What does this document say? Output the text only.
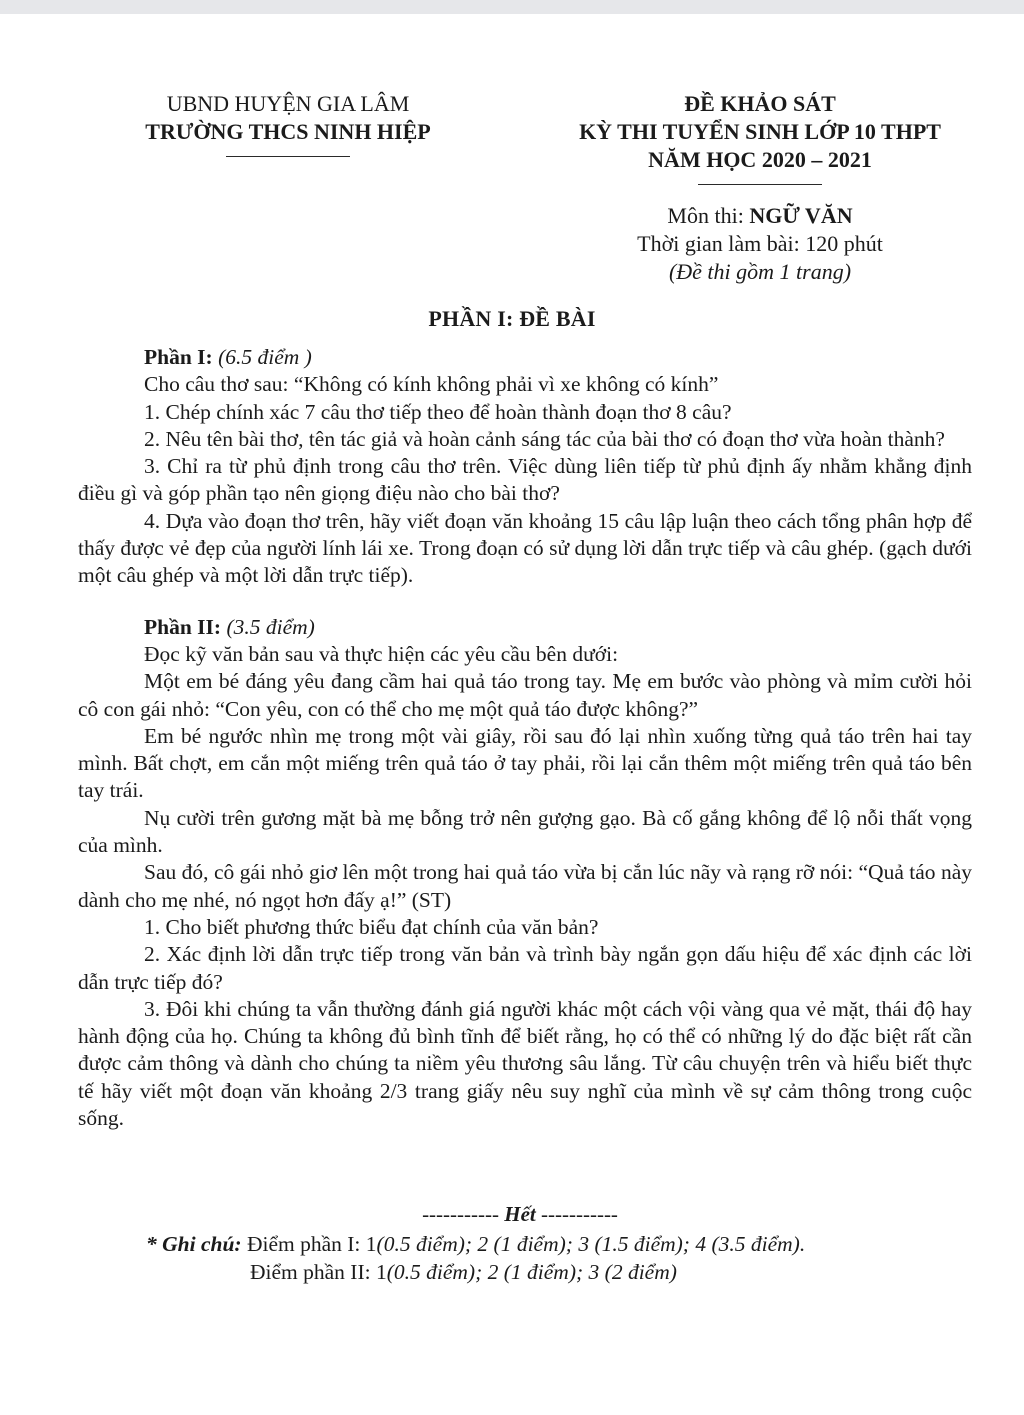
UBND HUYỆN GIA LÂM
TRƯỜNG THCS NINH HIỆP
ĐỀ KHẢO SÁT
KỲ THI TUYỂN SINH LỚP 10 THPT
NĂM HỌC 2020 – 2021
Môn thi: NGỮ VĂN
Thời gian làm bài: 120 phút
(Đề thi gồm 1 trang)
PHẦN I: ĐỀ BÀI

Phần I: (6.5 điểm )

Cho câu thơ sau: “Không có kính không phải vì xe không có kính”

1. Chép chính xác 7 câu thơ tiếp theo để hoàn thành đoạn thơ 8 câu?

2. Nêu tên bài thơ, tên tác giả và hoàn cảnh sáng tác của bài thơ có đoạn thơ vừa hoàn thành?

3. Chỉ ra từ phủ định trong câu thơ trên. Việc dùng liên tiếp từ phủ định ấy nhằm khẳng định điều gì và góp phần tạo nên giọng điệu nào cho bài thơ?

4. Dựa vào đoạn thơ trên, hãy viết đoạn văn khoảng 15 câu lập luận theo cách tổng phân hợp để thấy được vẻ đẹp của người lính lái xe. Trong đoạn có sử dụng lời dẫn trực tiếp và câu ghép. (gạch dưới một câu ghép và một lời dẫn trực tiếp).

Phần II: (3.5 điểm)

Đọc kỹ văn bản sau và thực hiện các yêu cầu bên dưới:

Một em bé đáng yêu đang cầm hai quả táo trong tay. Mẹ em bước vào phòng và mỉm cười hỏi cô con gái nhỏ: “Con yêu, con có thể cho mẹ một quả táo được không?”

Em bé ngước nhìn mẹ trong một vài giây, rồi sau đó lại nhìn xuống từng quả táo trên hai tay mình. Bất chợt, em cắn một miếng trên quả táo ở tay phải, rồi lại cắn thêm một miếng trên quả táo bên tay trái.

Nụ cười trên gương mặt bà mẹ bỗng trở nên gượng gạo. Bà cố gắng không để lộ nỗi thất vọng của mình.

Sau đó, cô gái nhỏ giơ lên một trong hai quả táo vừa bị cắn lúc nãy và rạng rỡ nói: “Quả táo này dành cho mẹ nhé, nó ngọt hơn đấy ạ!” (ST)

1. Cho biết phương thức biểu đạt chính của văn bản?

2. Xác định lời dẫn trực tiếp trong văn bản và trình bày ngắn gọn dấu hiệu để xác định các lời dẫn trực tiếp đó?

3. Đôi khi chúng ta vẫn thường đánh giá người khác một cách vội vàng qua vẻ mặt, thái độ hay hành động của họ. Chúng ta không đủ bình tĩnh để biết rằng, họ có thể có những lý do đặc biệt rất cần được cảm thông và dành cho chúng ta niềm yêu thương sâu lắng. Từ câu chuyện trên và hiểu biết thực tế hãy viết một đoạn văn khoảng 2/3 trang giấy nêu suy nghĩ của mình về sự cảm thông trong cuộc sống.

----------- Hết -----------
* Ghi chú: Điểm phần I: 1(0.5 điểm); 2 (1 điểm); 3 (1.5 điểm); 4 (3.5 điểm).
Điểm phần II: 1(0.5 điểm); 2 (1 điểm); 3 (2 điểm)
